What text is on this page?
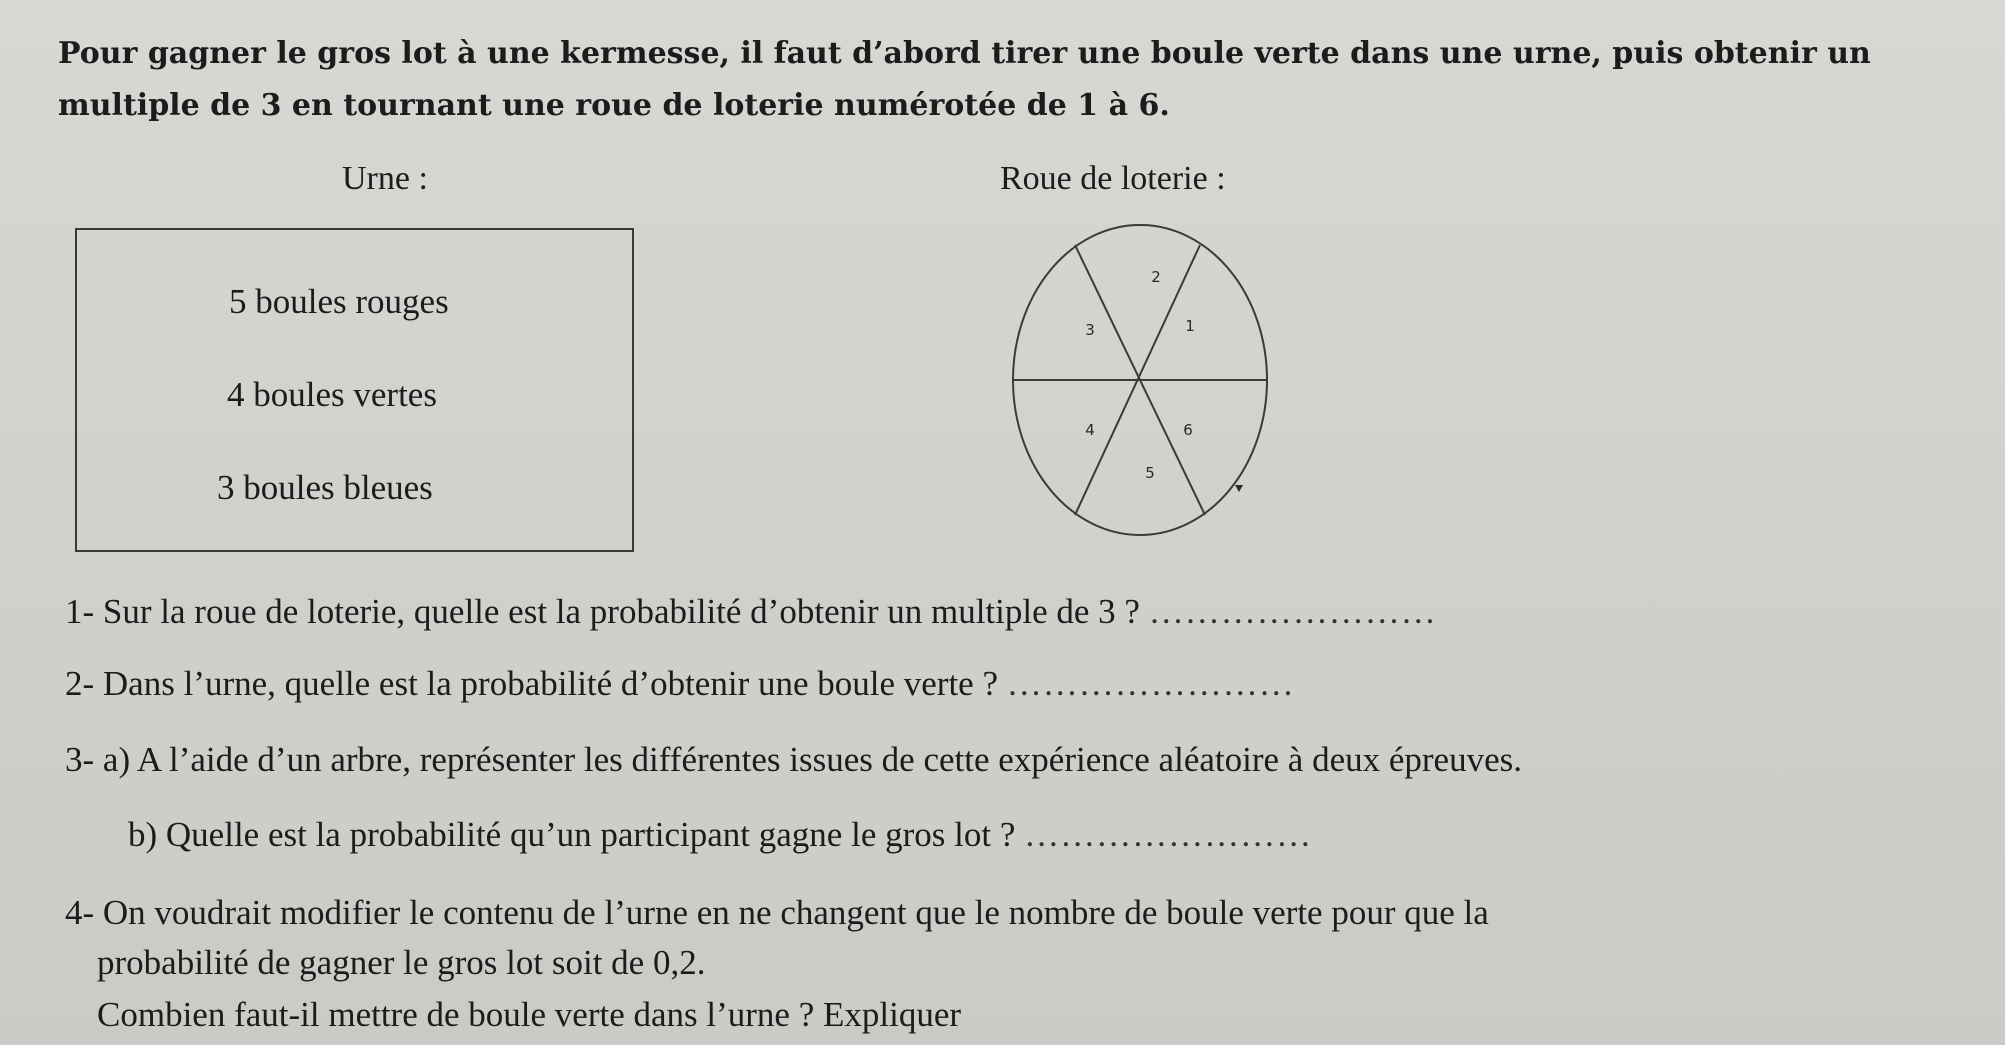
Pour gagner le gros lot à une kermesse, il faut d’abord tirer une boule verte dans une urne, puis obtenir un multiple de 3 en tournant une roue de loterie numérotée de 1 à 6.
Urne :	Roue de loterie :
5 boules rouges
4 boules vertes
3 boules bleues
3
2
1
4	6
5
1- Sur la roue de loterie, quelle est la probabilité d’obtenir un multiple de 3 ? ……………………
2- Dans l’urne, quelle est la probabilité d’obtenir une boule verte ? ……………………
3- a) A l’aide d’un arbre, représenter les différentes issues de cette expérience aléatoire à deux épreuves.
b) Quelle est la probabilité qu’un participant gagne le gros lot ? ……………………
4- On voudrait modifier le contenu de l’urne en ne changent que le nombre de boule verte pour que la
probabilité de gagner le gros lot soit de 0,2.
Combien faut-il mettre de boule verte dans l’urne ? Expliquer
